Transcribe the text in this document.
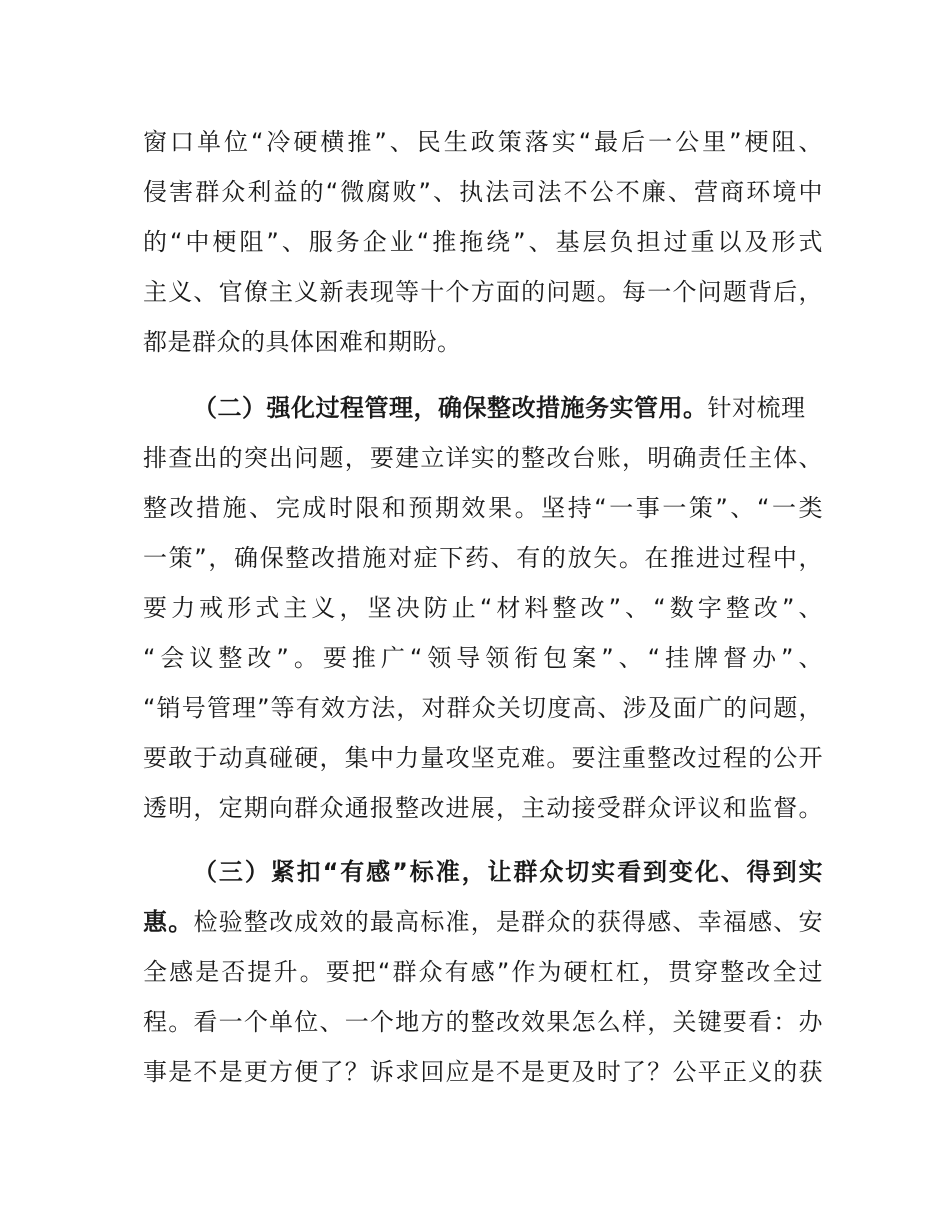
窗口单位“冷硬横推”、民生政策落实“最后一公里”梗阻、
侵害群众利益的“微腐败”、执法司法不公不廉、营商环境中
的“中梗阻”、服务企业“推拖绕”、基层负担过重以及形式
主义、官僚主义新表现等十个方面的问题。每一个问题背后，
都是群众的具体困难和期盼。
（二）强化过程管理，确保整改措施务实管用。针对梳理
排查出的突出问题，要建立详实的整改台账，明确责任主体、
整改措施、完成时限和预期效果。坚持“一事一策”、“一类
一策”，确保整改措施对症下药、有的放矢。在推进过程中，
要力戒形式主义，坚决防止“材料整改”、“数字整改”、
“会议整改”。要推广“领导领衔包案”、“挂牌督办”、
“销号管理”等有效方法，对群众关切度高、涉及面广的问题，
要敢于动真碰硬，集中力量攻坚克难。要注重整改过程的公开
透明，定期向群众通报整改进展，主动接受群众评议和监督。
（三）紧扣“有感”标准，让群众切实看到变化、得到实
惠。检验整改成效的最高标准，是群众的获得感、幸福感、安
全感是否提升。要把“群众有感”作为硬杠杠，贯穿整改全过
程。看一个单位、一个地方的整改效果怎么样，关键要看：办
事是不是更方便了？诉求回应是不是更及时了？公平正义的获
